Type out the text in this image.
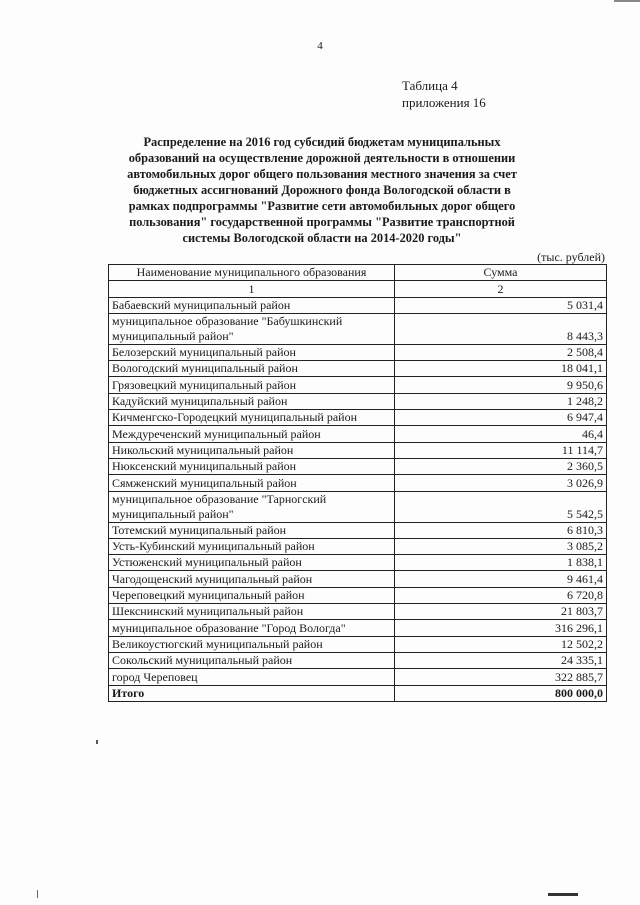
4
Таблица 4
приложения 16
Распределение на 2016 год субсидий бюджетам муниципальных образований на осуществление дорожной деятельности в отношении автомобильных дорог общего пользования местного значения за счет бюджетных ассигнований Дорожного фонда Вологодской области в рамках подпрограммы "Развитие сети автомобильных дорог общего пользования" государственной программы "Развитие транспортной системы Вологодской области на 2014-2020 годы"
(тыс. рублей)
Наименование муниципального образования	Сумма
1	2
Бабаевский муниципальный район	5 031,4
муниципальное образование "Бабушкинский муниципальный район"	8 443,3
Белозерский муниципальный район	2 508,4
Вологодский муниципальный район	18 041,1
Грязовецкий муниципальный район	9 950,6
Кадуйский муниципальный район	1 248,2
Кичменгско-Городецкий муниципальный район	6 947,4
Междуреченский муниципальный район	46,4
Никольский муниципальный район	11 114,7
Нюксенский муниципальный район	2 360,5
Сямженский муниципальный район	3 026,9
муниципальное образование "Тарногский муниципальный район"	5 542,5
Тотемский муниципальный район	6 810,3
Усть-Кубинский муниципальный район	3 085,2
Устюженский муниципальный район	1 838,1
Чагодощенский муниципальный район	9 461,4
Череповецкий муниципальный район	6 720,8
Шекснинский муниципальный район	21 803,7
муниципальное образование "Город Вологда"	316 296,1
Великоустюгский муниципальный район	12 502,2
Сокольский муниципальный район	24 335,1
город Череповец	322 885,7
Итого	800 000,0
